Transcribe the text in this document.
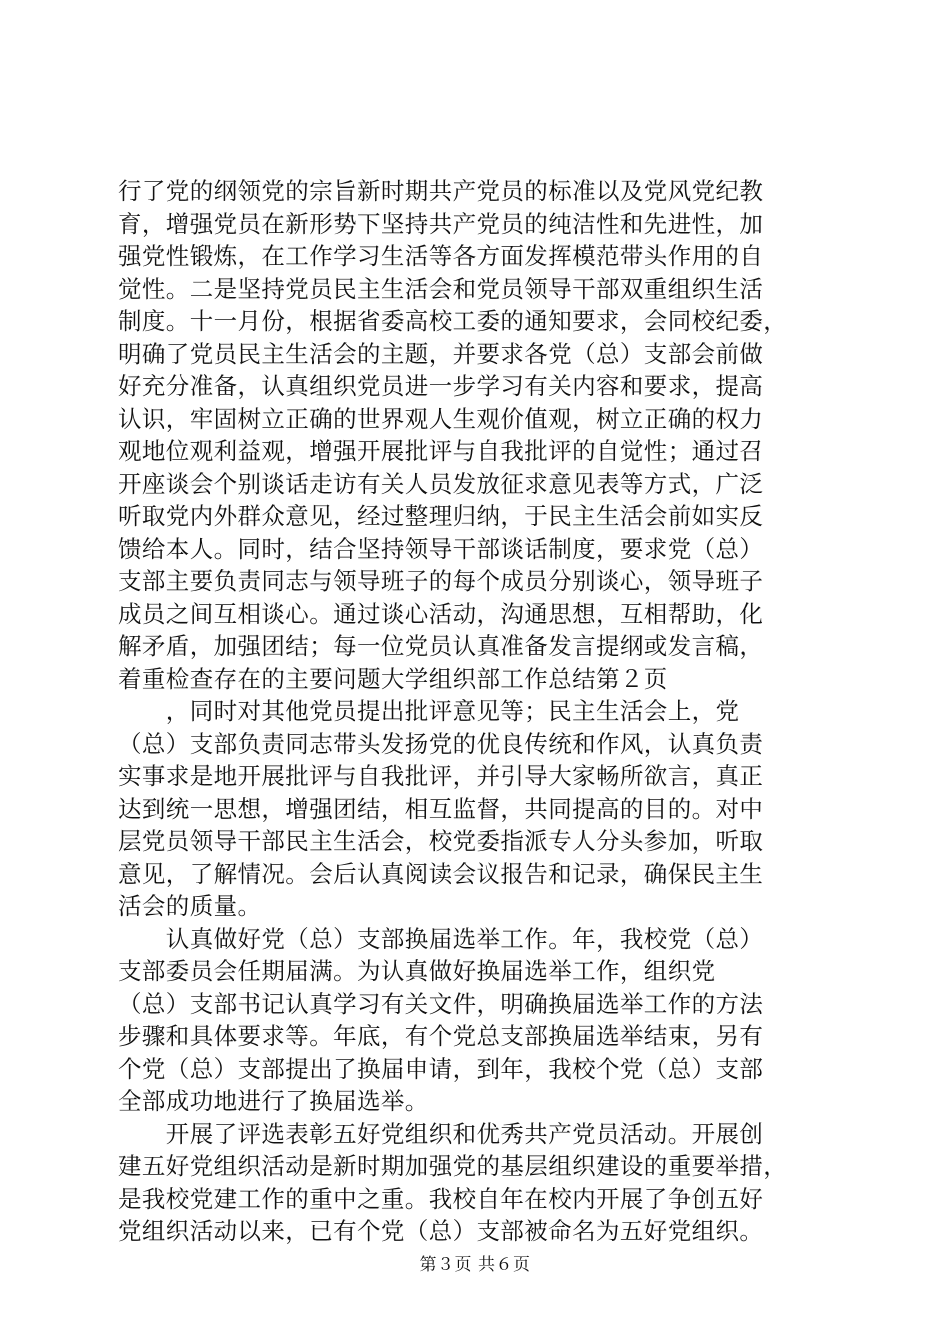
行了党的纲领党的宗旨新时期共产党员的标准以及党风党纪教
育，增强党员在新形势下坚持共产党员的纯洁性和先进性，加
强党性锻炼，在工作学习生活等各方面发挥模范带头作用的自
觉性。二是坚持党员民主生活会和党员领导干部双重组织生活
制度。十一月份，根据省委高校工委的通知要求，会同校纪委，
明确了党员民主生活会的主题，并要求各党（总）支部会前做
好充分准备，认真组织党员进一步学习有关内容和要求，提高
认识，牢固树立正确的世界观人生观价值观，树立正确的权力
观地位观利益观，增强开展批评与自我批评的自觉性；通过召
开座谈会个别谈话走访有关人员发放征求意见表等方式，广泛
听取党内外群众意见，经过整理归纳，于民主生活会前如实反
馈给本人。同时，结合坚持领导干部谈话制度，要求党（总）
支部主要负责同志与领导班子的每个成员分别谈心，领导班子
成员之间互相谈心。通过谈心活动，沟通思想，互相帮助，化
解矛盾，加强团结；每一位党员认真准备发言提纲或发言稿，
着重检查存在的主要问题大学组织部工作总结第２页
　　，同时对其他党员提出批评意见等；民主生活会上，党
（总）支部负责同志带头发扬党的优良传统和作风，认真负责
实事求是地开展批评与自我批评，并引导大家畅所欲言，真正
达到统一思想，增强团结，相互监督，共同提高的目的。对中
层党员领导干部民主生活会，校党委指派专人分头参加，听取
意见，了解情况。会后认真阅读会议报告和记录，确保民主生
活会的质量。
　　认真做好党（总）支部换届选举工作。年，我校党（总）
支部委员会任期届满。为认真做好换届选举工作，组织党
（总）支部书记认真学习有关文件，明确换届选举工作的方法
步骤和具体要求等。年底，有个党总支部换届选举结束，另有
个党（总）支部提出了换届申请，到年，我校个党（总）支部
全部成功地进行了换届选举。
　　开展了评选表彰五好党组织和优秀共产党员活动。开展创
建五好党组织活动是新时期加强党的基层组织建设的重要举措，
是我校党建工作的重中之重。我校自年在校内开展了争创五好
党组织活动以来，已有个党（总）支部被命名为五好党组织。
第３页 共６页
